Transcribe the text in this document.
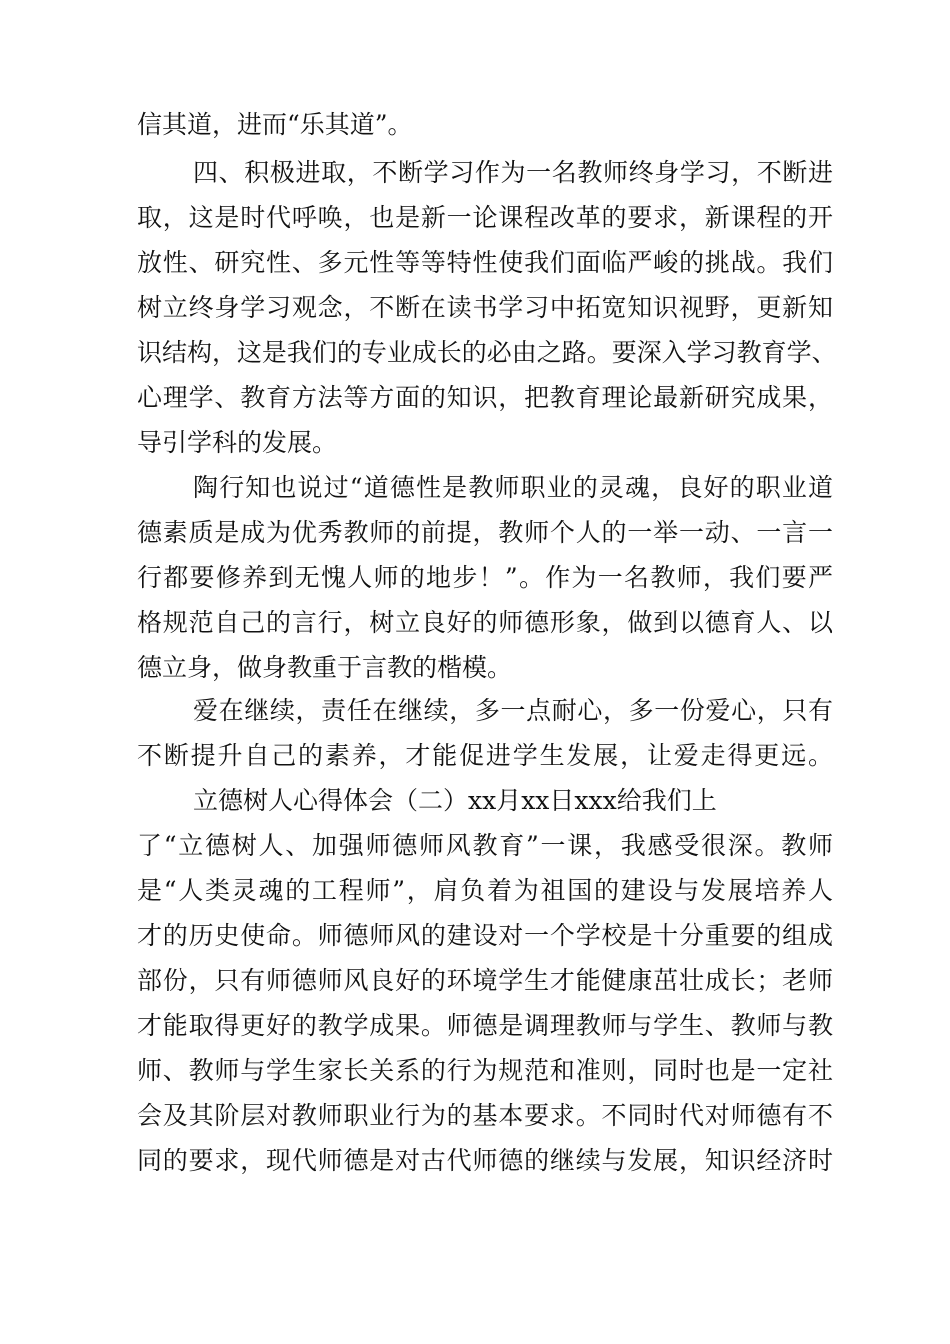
信其道，进而“乐其道”。

四、积极进取，不断学习作为一名教师终身学习，不断进

取，这是时代呼唤，也是新一论课程改革的要求，新课程的开

放性、研究性、多元性等等特性使我们面临严峻的挑战。我们

树立终身学习观念，不断在读书学习中拓宽知识视野，更新知

识结构，这是我们的专业成长的必由之路。要深入学习教育学、

心理学、教育方法等方面的知识，把教育理论最新研究成果，

导引学科的发展。

陶行知也说过“道德性是教师职业的灵魂，良好的职业道

德素质是成为优秀教师的前提，教师个人的一举一动、一言一

行都要修养到无愧人师的地步！”。作为一名教师，我们要严

格规范自己的言行，树立良好的师德形象，做到以德育人、以

德立身，做身教重于言教的楷模。

爱在继续，责任在继续，多一点耐心，多一份爱心，只有

不断提升自己的素养，才能促进学生发展，让爱走得更远。

立德树人心得体会（二）xx月xx日xxx给我们上

了“立德树人、加强师德师风教育”一课，我感受很深。教师

是“人类灵魂的工程师”，肩负着为祖国的建设与发展培养人

才的历史使命。师德师风的建设对一个学校是十分重要的组成

部份，只有师德师风良好的环境学生才能健康茁壮成长；老师

才能取得更好的教学成果。师德是调理教师与学生、教师与教

师、教师与学生家长关系的行为规范和准则，同时也是一定社

会及其阶层对教师职业行为的基本要求。不同时代对师德有不

同的要求，现代师德是对古代师德的继续与发展，知识经济时
